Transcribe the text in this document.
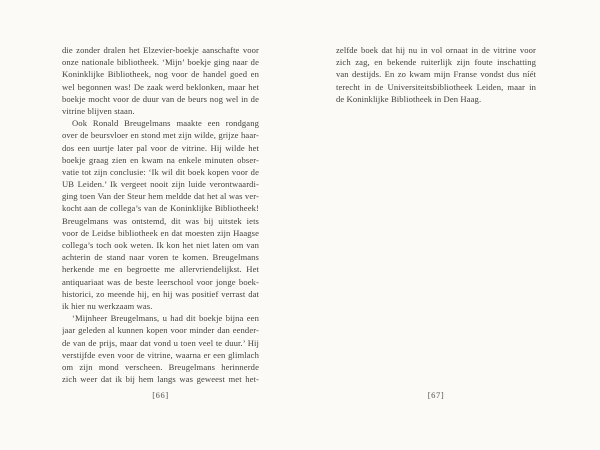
die zonder dralen het Elzevier-boekje aanschafte voor
onze nationale bibliotheek. ‘Mijn’ boekje ging naar de
Koninklijke Bibliotheek, nog voor de handel goed en
wel begonnen was! De zaak werd beklonken, maar het
boekje mocht voor de duur van de beurs nog wel in de
vitrine blijven staan.
Ook Ronald Breugelmans maakte een rondgang
over de beursvloer en stond met zijn wilde, grijze haar-
dos een uurtje later pal voor de vitrine. Hij wilde het
boekje graag zien en kwam na enkele minuten obser-
vatie tot zijn conclusie: ‘Ik wil dit boek kopen voor de
UB Leiden.’ Ik vergeet nooit zijn luide verontwaardi-
ging toen Van der Steur hem meldde dat het al was ver-
kocht aan de collega’s van de Koninklijke Bibliotheek!
Breugelmans was ontstemd, dit was bij uitstek iets
voor de Leidse bibliotheek en dat moesten zijn Haagse
collega’s toch ook weten. Ik kon het niet laten om van
achterin de stand naar voren te komen. Breugelmans
herkende me en begroette me allervriendelijkst. Het
antiquariaat was de beste leerschool voor jonge boek-
historici, zo meende hij, en hij was positief verrast dat
ik hier nu werkzaam was.
‘Mijnheer Breugelmans, u had dit boekje bijna een
jaar geleden al kunnen kopen voor minder dan eender-
de van de prijs, maar dat vond u toen veel te duur.’ Hij
verstijfde even voor de vitrine, waarna er een glimlach
om zijn mond verscheen. Breugelmans herinnerde
zich weer dat ik bij hem langs was geweest met het-
zelfde boek dat hij nu in vol ornaat in de vitrine voor
zich zag, en bekende ruiterlijk zijn foute inschatting
van destijds. En zo kwam mijn Franse vondst dus níét
terecht in de Universiteitsbibliotheek Leiden, maar in
de Koninklijke Bibliotheek in Den Haag.
[66]	[67]
